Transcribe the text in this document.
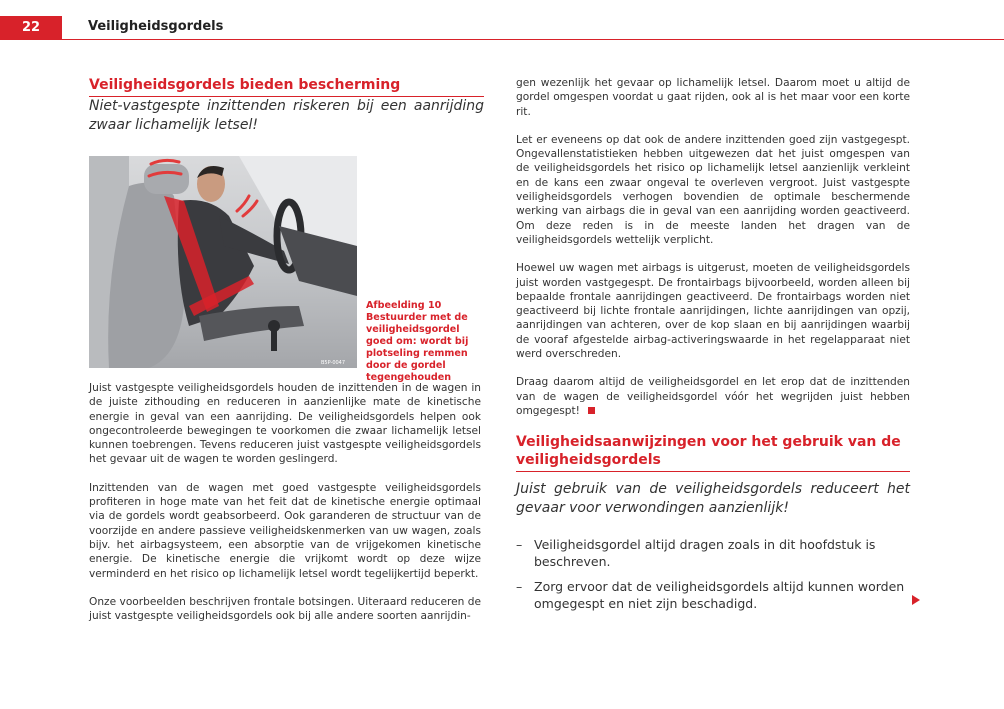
22	Veiligheidsgordels
Veiligheidsgordels bieden bescherming

Niet-vastgespte inzittenden riskeren bij een aanrijding zwaar lichamelijk letsel!

B5P-0047
Afbeelding 10 Bestuurder met de veiligheidsgordel goed om: wordt bij plotseling remmen door de gordel tegengehouden

Juist vastgespte veiligheidsgordels houden de inzittenden in de wagen in de juiste zithouding en reduceren in aanzienlijke mate de kinetische energie in geval van een aanrijding. De veiligheidsgordels helpen ook ongecontroleerde bewegingen te voorkomen die zwaar lichamelijk letsel kunnen toebrengen. Tevens reduceren juist vastgespte veiligheidsgordels het gevaar uit de wagen te worden geslingerd.

Inzittenden van de wagen met goed vastgespte veiligheidsgordels profiteren in hoge mate van het feit dat de kinetische energie optimaal via de gordels wordt geabsorbeerd. Ook garanderen de structuur van de voorzijde en andere passieve veiligheidskenmerken van uw wagen, zoals bijv. het airbagsysteem, een absorptie van de vrijgekomen kinetische energie. De kinetische energie die vrijkomt wordt op deze wijze verminderd en het risico op lichamelijk letsel wordt tegelijkertijd beperkt.

Onze voorbeelden beschrijven frontale botsingen. Uiteraard reduceren de juist vastgespte veiligheidsgordels ook bij alle andere soorten aanrijdin-

gen wezenlijk het gevaar op lichamelijk letsel. Daarom moet u altijd de gordel omgespen voordat u gaat rijden, ook al is het maar voor een korte rit.

Let er eveneens op dat ook de andere inzittenden goed zijn vastgegespt. Ongevallenstatistieken hebben uitgewezen dat het juist omgespen van de veiligheidsgordels het risico op lichamelijk letsel aanzienlijk verkleint en de kans een zwaar ongeval te overleven vergroot. Juist vastgespte veiligheidsgordels verhogen bovendien de optimale beschermende werking van airbags die in geval van een aanrijding worden geactiveerd. Om deze reden is in de meeste landen het dragen van de veiligheidsgordels wettelijk verplicht.

Hoewel uw wagen met airbags is uitgerust, moeten de veiligheidsgordels juist worden vastgegespt. De frontairbags bijvoorbeeld, worden alleen bij bepaalde frontale aanrijdingen geactiveerd. De frontairbags worden niet geactiveerd bij lichte frontale aanrijdingen, lichte aanrijdingen van opzij, aanrijdingen van achteren, over de kop slaan en bij aanrijdingen waarbij de vooraf afgestelde airbag-activeringswaarde in het regelapparaat niet werd overschreden.

Draag daarom altijd de veiligheidsgordel en let erop dat de inzittenden van de wagen de veiligheidsgordel vóór het wegrijden juist hebben omgegespt!

Veiligheidsaanwijzingen voor het gebruik van de veiligheidsgordels

Juist gebruik van de veiligheidsgordels reduceert het gevaar voor verwondingen aanzienlijk!

– Veiligheidsgordel altijd dragen zoals in dit hoofdstuk is beschreven.
– Zorg ervoor dat de veiligheidsgordels altijd kunnen worden omgegespt en niet zijn beschadigd.
